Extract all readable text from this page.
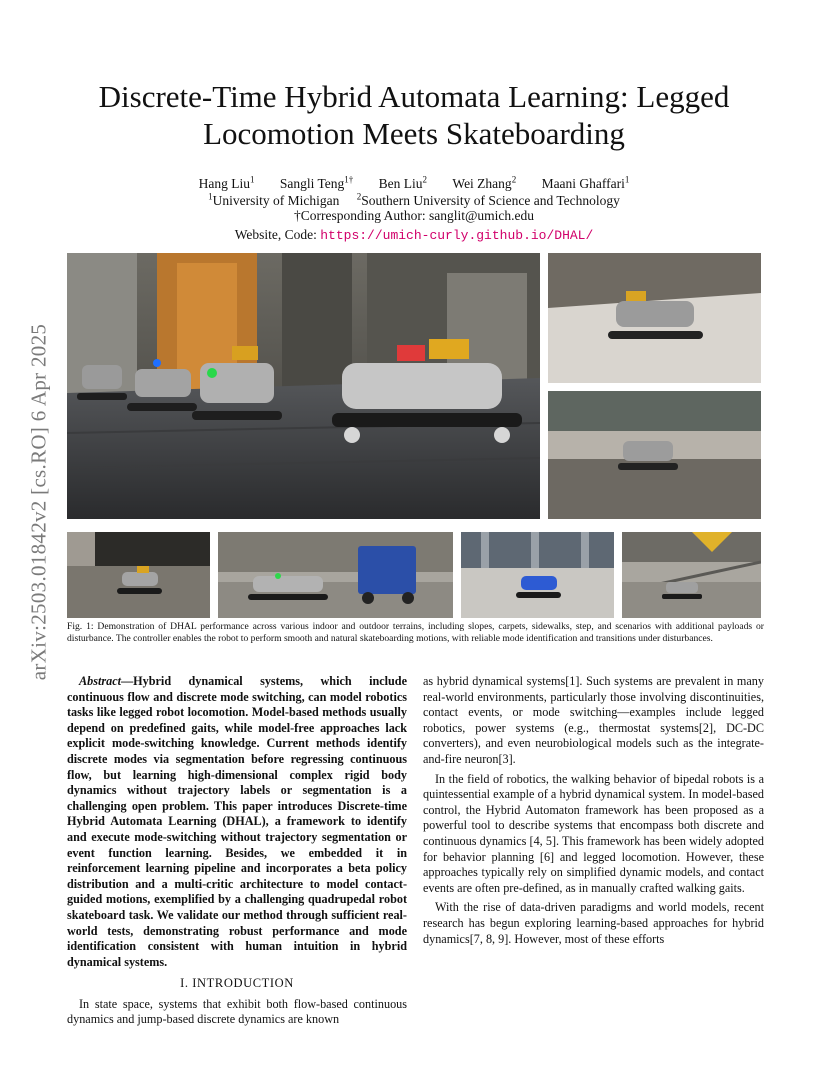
arXiv:2503.01842v2 [cs.RO] 6 Apr 2025
Discrete-Time Hybrid Automata Learning: Legged Locomotion Meets Skateboarding
Hang Liu$^1$ Sangli Teng$^{1\dagger}$ Ben Liu$^2$ Wei Zhang$^2$ Maani Ghaffari$^1$
$^1$University of Michigan $^2$Southern University of Science and Technology
†Corresponding Author: sanglit@umich.edu
Website, Code: https://umich-curly.github.io/DHAL/
Fig. 1: Demonstration of DHAL performance across various indoor and outdoor terrains, including slopes, carpets, sidewalks, step, and scenarios with additional payloads or disturbance. The controller enables the robot to perform smooth and natural skateboarding motions, with reliable mode identification and transitions under disturbances.

Abstract—Hybrid dynamical systems, which include continuous flow and discrete mode switching, can model robotics tasks like legged robot locomotion. Model-based methods usually depend on predefined gaits, while model-free approaches lack explicit mode-switching knowledge. Current methods identify discrete modes via segmentation before regressing continuous flow, but learning high-dimensional complex rigid body dynamics without trajectory labels or segmentation is a challenging open problem. This paper introduces Discrete-time Hybrid Automata Learning (DHAL), a framework to identify and execute mode-switching without trajectory segmentation or event function learning. Besides, we embedded it in reinforcement learning pipeline and incorporates a beta policy distribution and a multi-critic architecture to model contact-guided motions, exemplified by a challenging quadrupedal robot skateboard task. We validate our method through sufficient real-world tests, demonstrating robust performance and mode identification consistent with human intuition in hybrid dynamical systems.

I. INTRODUCTION

In state space, systems that exhibit both flow-based continuous dynamics and jump-based discrete dynamics are known

as hybrid dynamical systems[1]. Such systems are prevalent in many real-world environments, particularly those involving discontinuities, contact events, or mode switching—examples include legged robotics, power systems (e.g., thermostat systems[2], DC-DC converters), and even neurobiological models such as the integrate-and-fire neuron[3].

In the field of robotics, the walking behavior of bipedal robots is a quintessential example of a hybrid dynamical system. In model-based control, the Hybrid Automaton framework has been proposed as a powerful tool to describe systems that encompass both discrete and continuous dynamics [4, 5]. This framework has been widely adopted for behavior planning [6] and legged locomotion. However, these approaches typically rely on simplified dynamic models, and contact events are often pre-defined, as in manually crafted walking gaits.

With the rise of data-driven paradigms and world models, recent research has begun exploring learning-based approaches for hybrid dynamics[7, 8, 9]. However, most of these efforts
